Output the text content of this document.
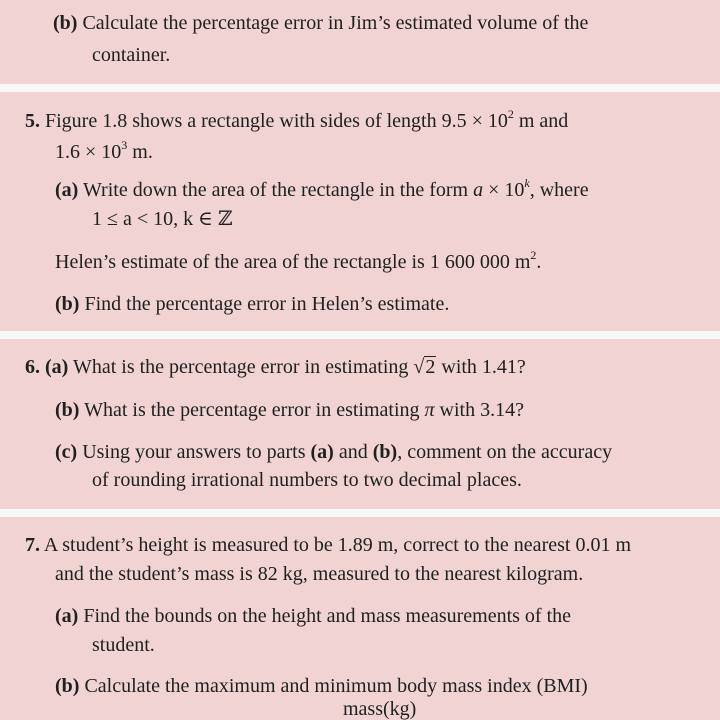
(b) Calculate the percentage error in Jim’s estimated volume of the
container.
5. Figure 1.8 shows a rectangle with sides of length $9.5 \times 10^2$ m and
$1.6 \times 10^3$ m.
(a) Write down the area of the rectangle in the form $a \times 10^k$, where
1 ≤ a < 10, k ∈ ℤ
Helen’s estimate of the area of the rectangle is 1 600 000 $m^2$.
(b) Find the percentage error in Helen’s estimate.
6. (a) What is the percentage error in estimating √2 with 1.41?
(b) What is the percentage error in estimating π with 3.14?
(c) Using your answers to parts (a) and (b), comment on the accuracy
of rounding irrational numbers to two decimal places.
7. A student’s height is measured to be 1.89 m, correct to the nearest 0.01 m
and the student’s mass is 82 kg, measured to the nearest kilogram.
(a) Find the bounds on the height and mass measurements of the
student.
(b) Calculate the maximum and minimum body mass index (BMI)
mass(kg)
